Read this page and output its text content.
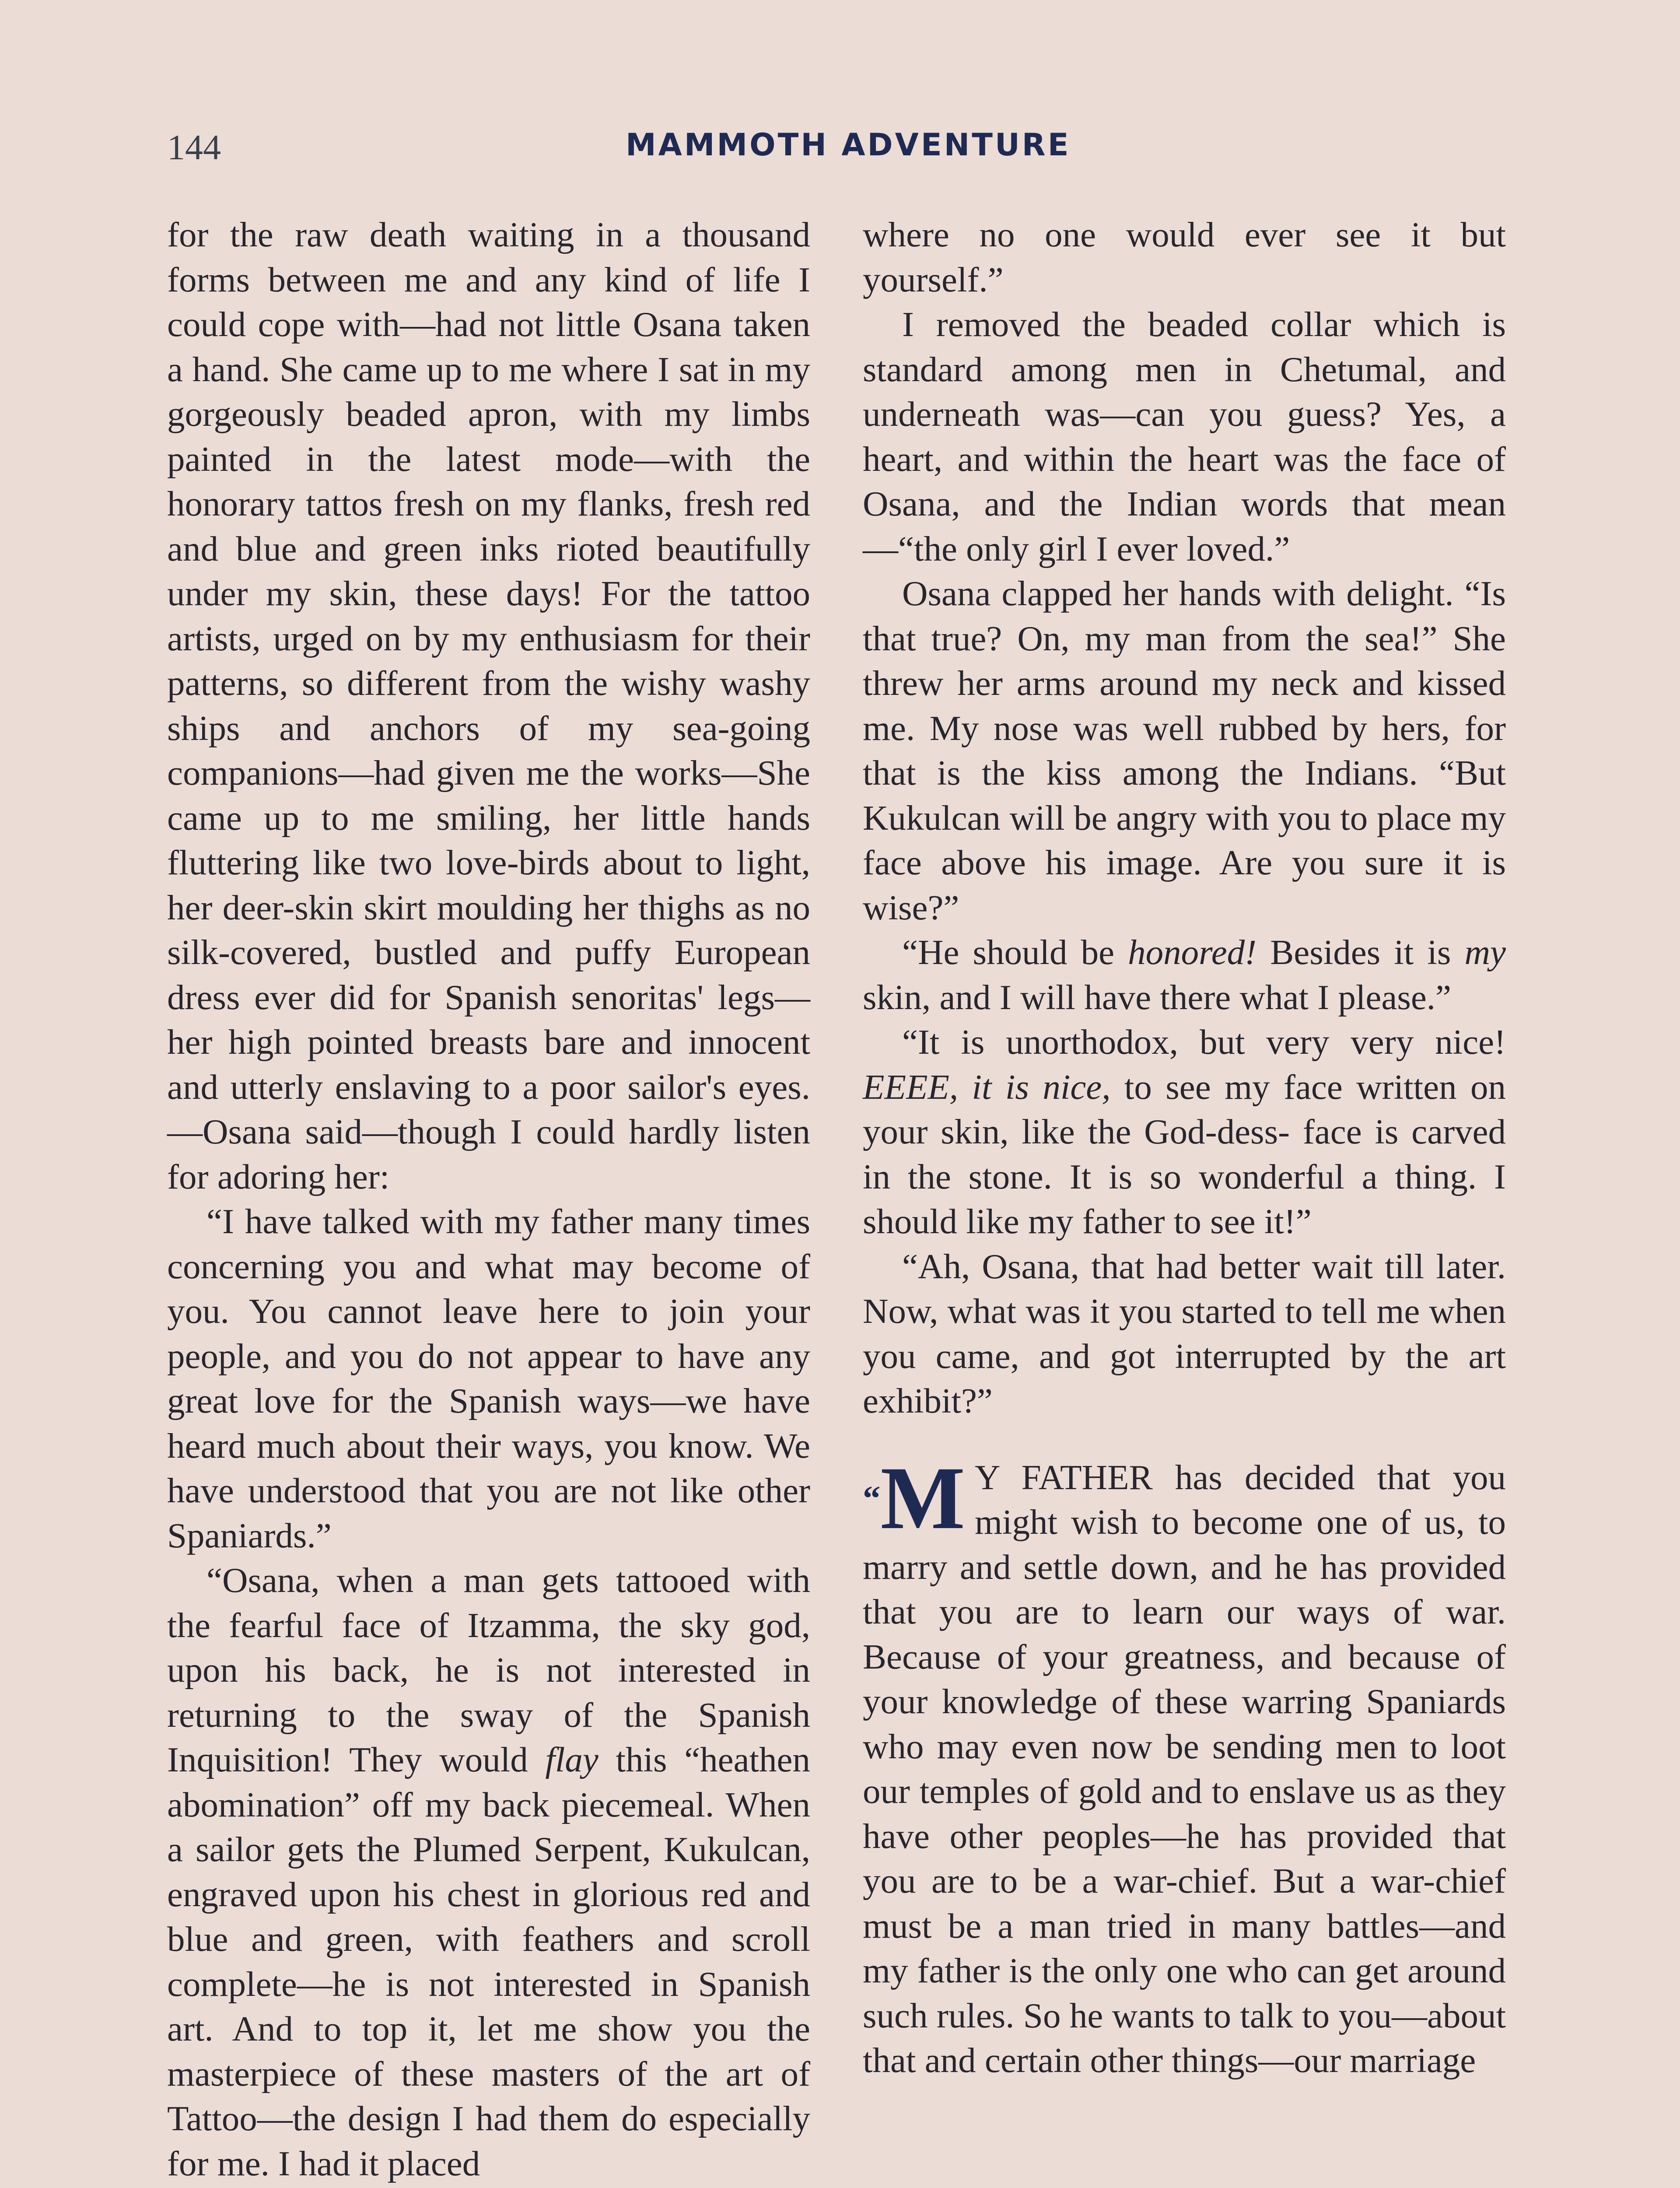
144	MAMMOTH ADVENTURE

for the raw death waiting in a thousand forms between me and any kind of life I could cope with—had not little Osana taken a hand. She came up to me where I sat in my gorgeously beaded apron, with my limbs painted in the latest mode—with the honorary tattos fresh on my flanks, fresh red and blue and green inks rioted beautifully under my skin, these days! For the tattoo artists, urged on by my enthusiasm for their patterns, so different from the wishy washy ships and anchors of my sea-going companions—had given me the works—She came up to me smiling, her little hands fluttering like two love-birds about to light, her deer-skin skirt moulding her thighs as no silk-covered, bustled and puffy European dress ever did for Spanish senoritas' legs—her high pointed breasts bare and innocent and utterly enslaving to a poor sailor's eyes.—Osana said—though I could hardly listen for adoring her:

“I have talked with my father many times concerning you and what may become of you. You cannot leave here to join your people, and you do not appear to have any great love for the Spanish ways—we have heard much about their ways, you know. We have understood that you are not like other Spaniards.”

“Osana, when a man gets tattooed with the fearful face of Itzamma, the sky god, upon his back, he is not interested in returning to the sway of the Spanish Inquisition! They would flay this “heathen abomination” off my back piecemeal. When a sailor gets the Plumed Serpent, Kukulcan, engraved upon his chest in glorious red and blue and green, with feathers and scroll complete—he is not interested in Spanish art. And to top it, let me show you the masterpiece of these masters of the art of Tattoo—the design I had them do especially for me. I had it placed

where no one would ever see it but yourself.”

I removed the beaded collar which is standard among men in Chetumal, and underneath was—can you guess? Yes, a heart, and within the heart was the face of Osana, and the Indian words that mean—“the only girl I ever loved.”

Osana clapped her hands with delight. “Is that true? On, my man from the sea!” She threw her arms around my neck and kissed me. My nose was well rubbed by hers, for that is the kiss among the Indians. “But Kukulcan will be angry with you to place my face above his image. Are you sure it is wise?”

“He should be honored! Besides it is my skin, and I will have there what I please.”

“It is unorthodox, but very very nice! EEEE, it is nice, to see my face written on your skin, like the God-dess- face is carved in the stone. It is so wonderful a thing. I should like my father to see it!”

“Ah, Osana, that had better wait till later. Now, what was it you started to tell me when you came, and got interrupted by the art exhibit?”

“M Y FATHER has decided that you might wish to become one of us, to marry and settle down, and he has provided that you are to learn our ways of war. Because of your greatness, and because of your knowledge of these warring Spaniards who may even now be sending men to loot our temples of gold and to enslave us as they have other peoples—he has provided that you are to be a war-chief. But a war-chief must be a man tried in many battles—and my father is the only one who can get around such rules. So he wants to talk to you—about that and certain other things—our marriage
